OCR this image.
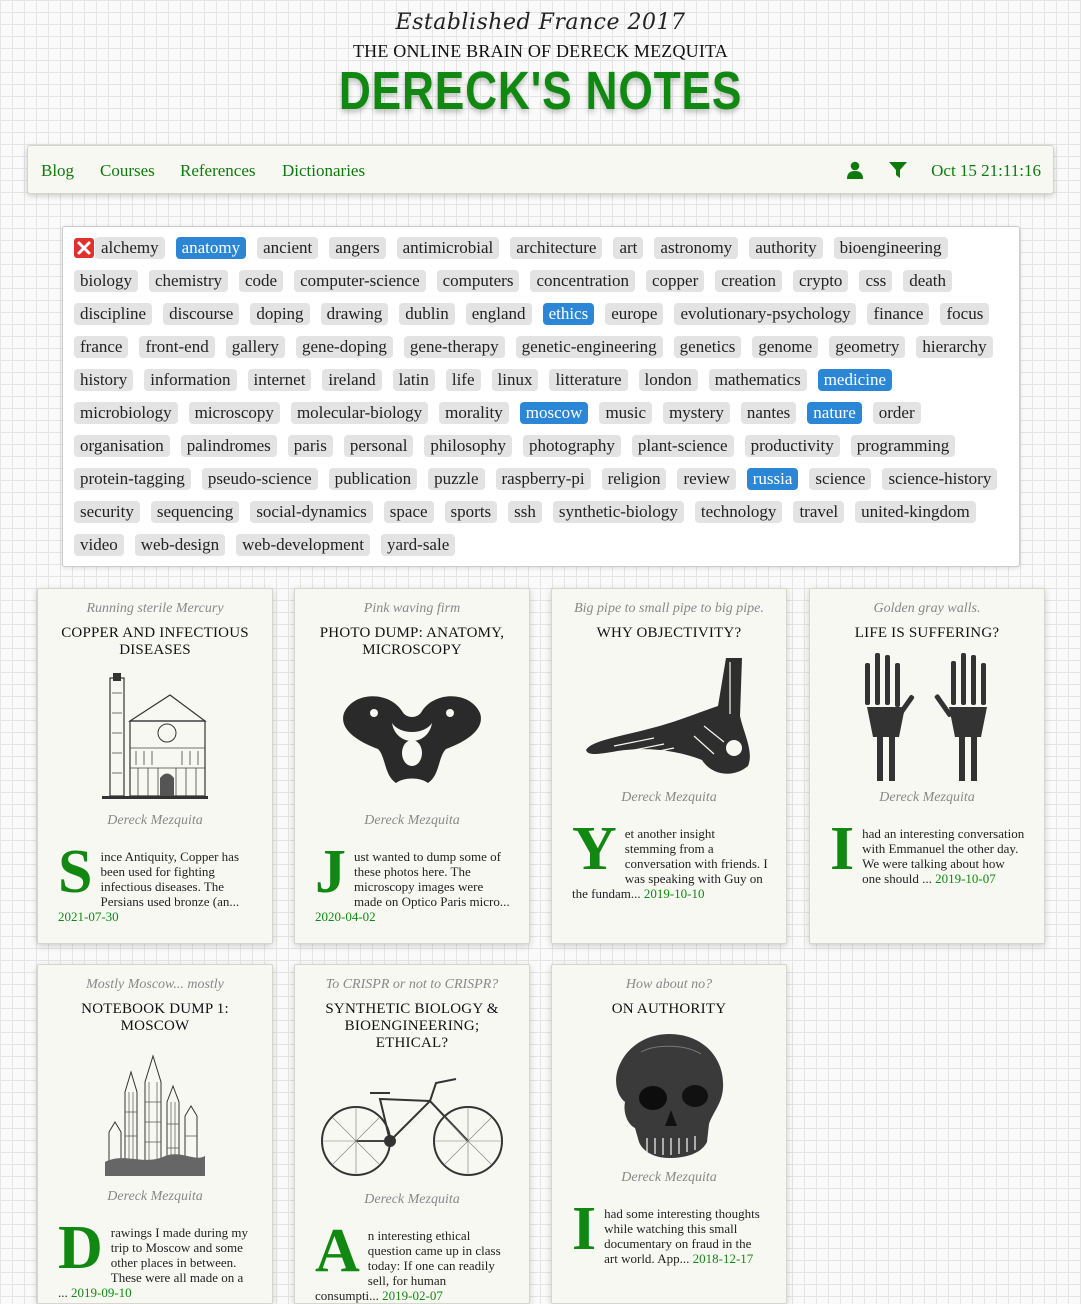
Established France 2017
THE ONLINE BRAIN OF DERECK MEZQUITA
DERECK'S NOTES
Blog Courses References Dictionaries	Oct 15 21:11:16
alchemy anatomy ancient angers antimicrobial architecture art astronomy authority bioengineeringbiology chemistry code computer-science computers concentration copper creation crypto css deathdiscipline discourse doping drawing dublin england ethics europe evolutionary-psychology finance focusfrance front-end gallery gene-doping gene-therapy genetic-engineering genetics genome geometry hierarchyhistory information internet ireland latin life linux litterature london mathematics medicinemicrobiology microscopy molecular-biology morality moscow music mystery nantes nature orderorganisation palindromes paris personal philosophy photography plant-science productivity programmingprotein-tagging pseudo-science publication puzzle raspberry-pi religion review russia science science-historysecurity sequencing social-dynamics space sports ssh synthetic-biology technology travel united-kingdomvideo web-design web-development yard-sale
Running sterile Mercury
COPPER AND INFECTIOUS DISEASES
Dereck Mezquita
Since Antiquity, Copper has been used for fighting infectious diseases. The Persians used bronze (an... 2021-07-30
Pink waving firm
PHOTO DUMP: ANATOMY, MICROSCOPY
Dereck Mezquita
Just wanted to dump some of these photos here. The microscopy images were made on Optico Paris micro... 2020-04-02
Big pipe to small pipe to big pipe.
WHY OBJECTIVITY?
Dereck Mezquita
Yet another insight stemming from a conversation with friends. I was speaking with Guy on the fundam... 2019-10-10
Golden gray walls.
LIFE IS SUFFERING?
Dereck Mezquita
I had an interesting conversation with Emmanuel the other day. We were talking about how one should ... 2019-10-07
Mostly Moscow... mostly
NOTEBOOK DUMP 1: MOSCOW
Dereck Mezquita
Drawings I made during my trip to Moscow and some other places in between. These were all made on a ... 2019-09-10
To CRISPR or not to CRISPR?
SYNTHETIC BIOLOGY & BIOENGINEERING; ETHICAL?
Dereck Mezquita
An interesting ethical question came up in class today: If one can readily sell, for human consumpti... 2019-02-07
How about no?
ON AUTHORITY
Dereck Mezquita
I had some interesting thoughts while watching this small documentary on fraud in the art world. App... 2018-12-17
